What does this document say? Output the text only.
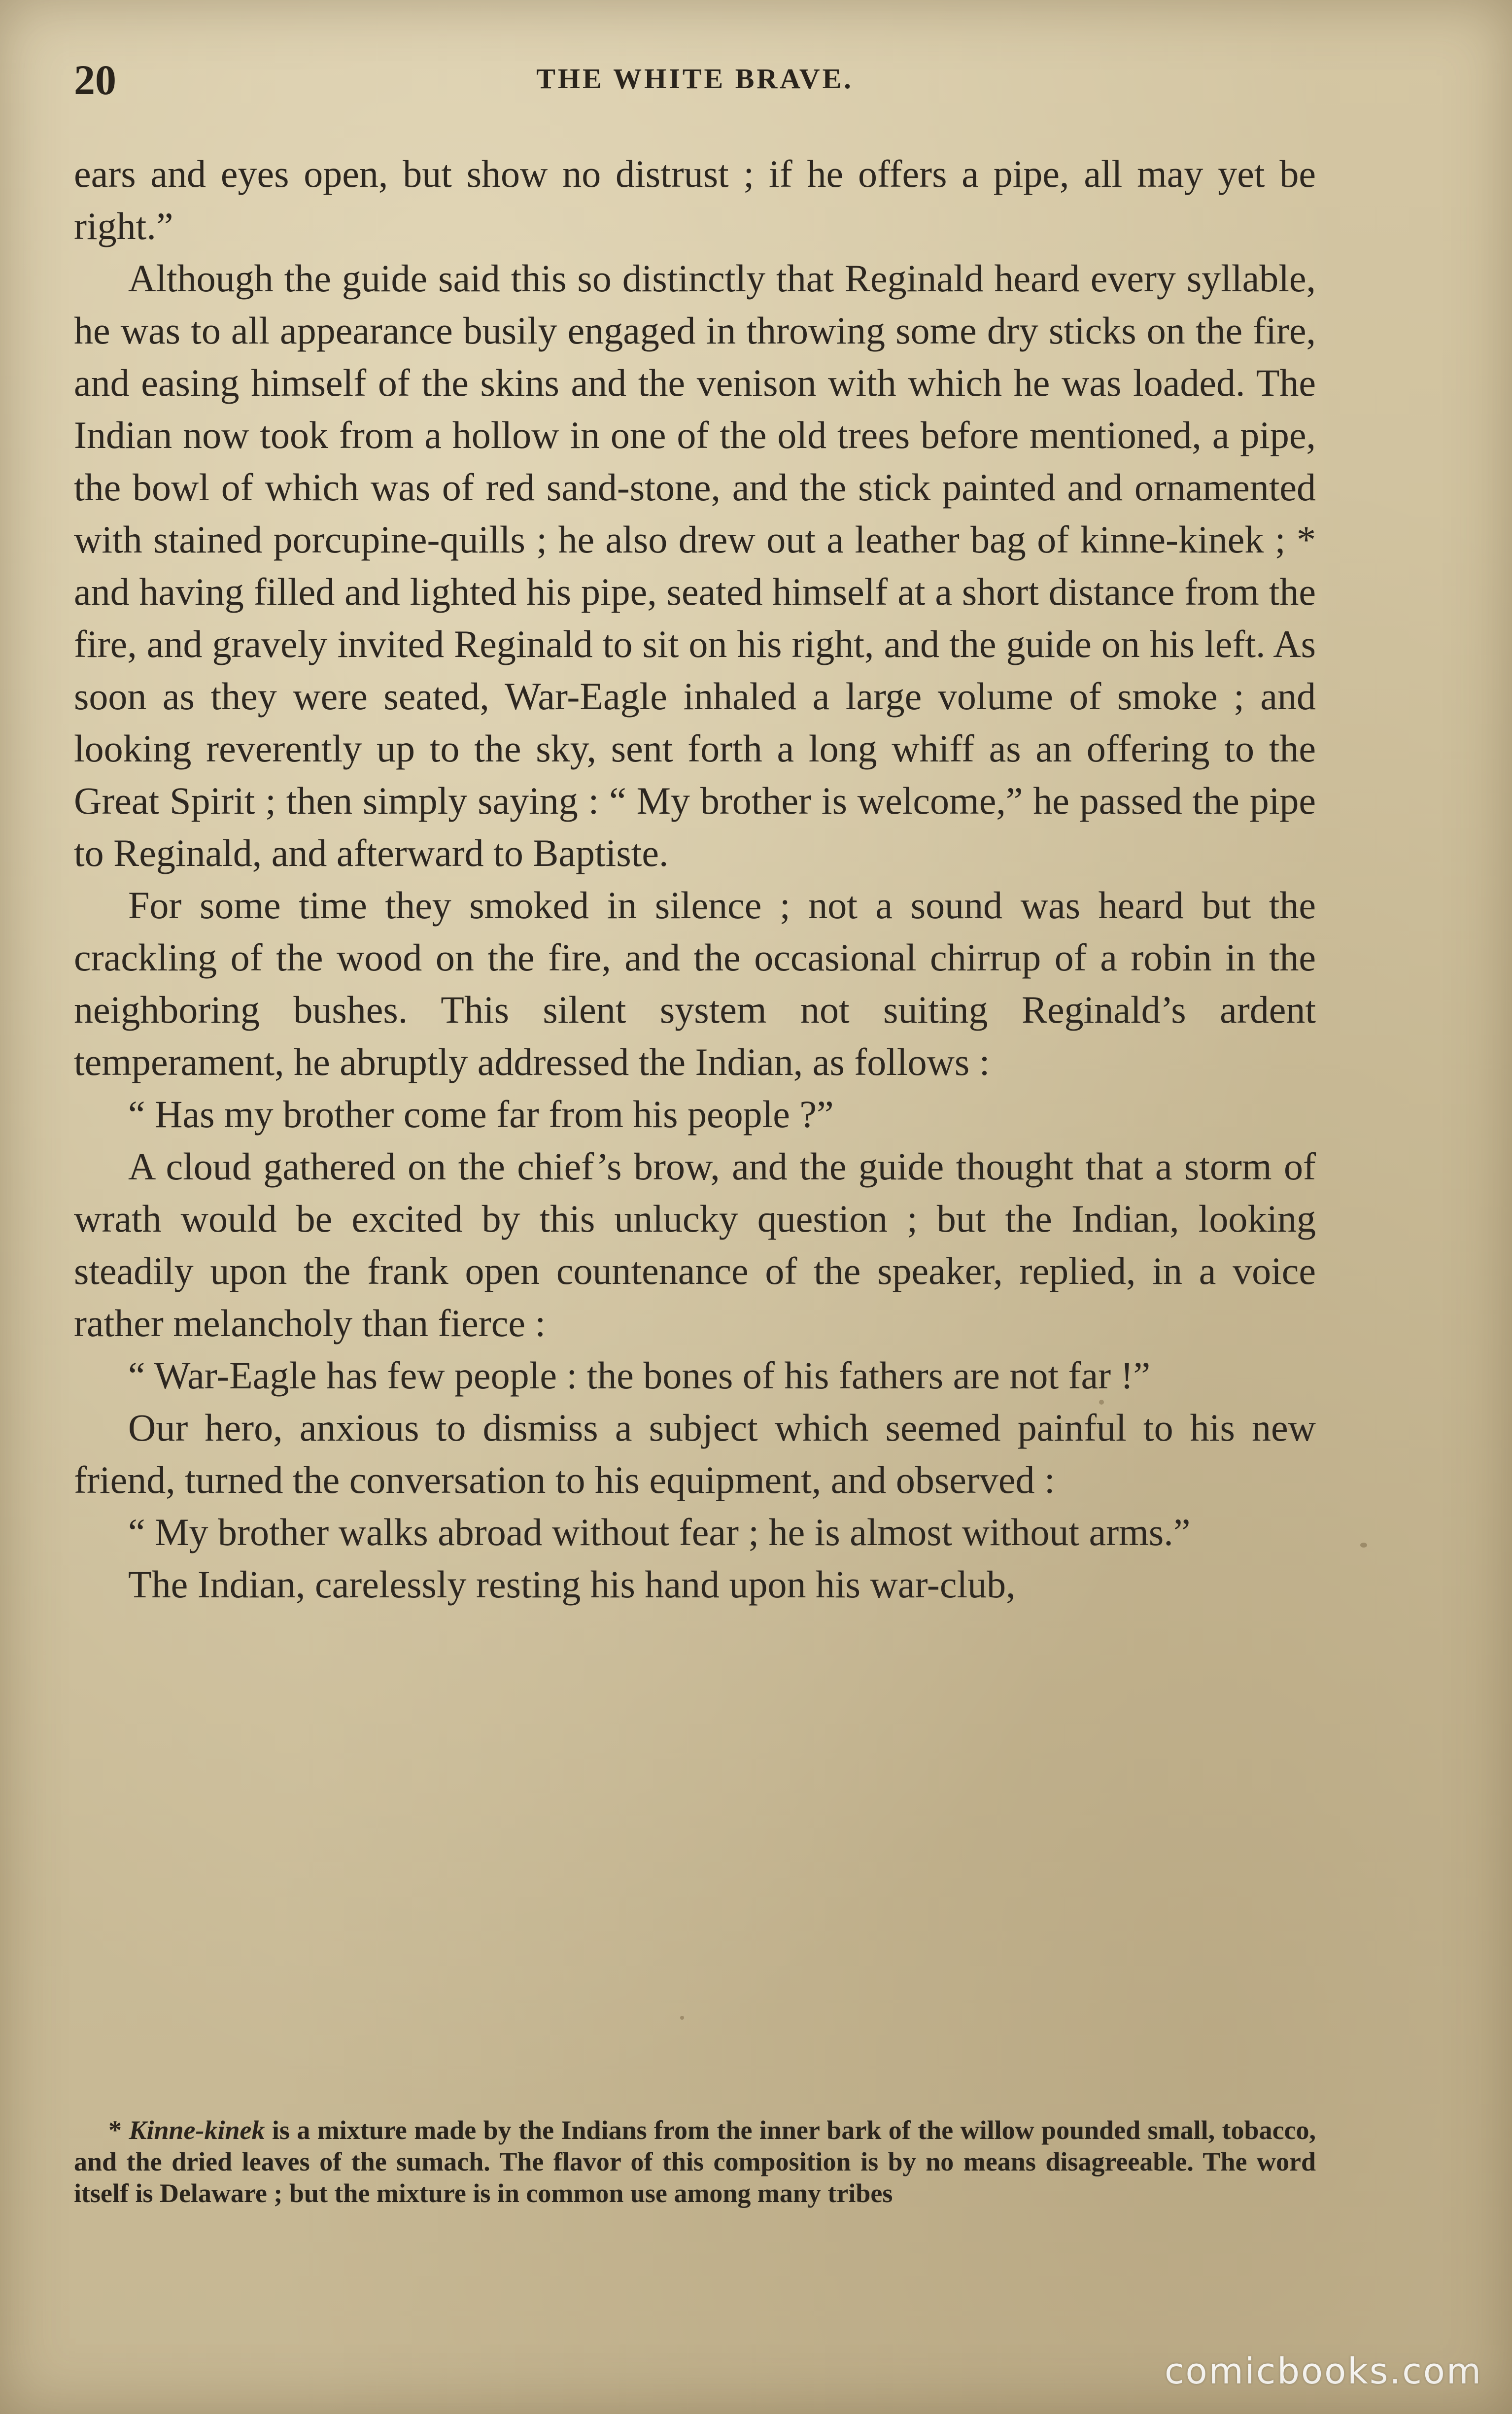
20	THE WHITE BRAVE.

ears and eyes open, but show no distrust ; if he offers a pipe, all may yet be right.”

Although the guide said this so distinctly that Reginald heard every syllable, he was to all appearance busily engaged in throwing some dry sticks on the fire, and easing himself of the skins and the venison with which he was loaded. The Indian now took from a hollow in one of the old trees before mentioned, a pipe, the bowl of which was of red sand-stone, and the stick painted and ornamented with stained porcupine-quills ; he also drew out a leather bag of kinne-kinek ; * and having filled and lighted his pipe, seated himself at a short distance from the fire, and gravely invited Reginald to sit on his right, and the guide on his left. As soon as they were seated, War-Eagle inhaled a large volume of smoke ; and looking reverently up to the sky, sent forth a long whiff as an offering to the Great Spirit ; then simply saying : “ My brother is welcome,” he passed the pipe to Reginald, and afterward to Baptiste.

For some time they smoked in silence ; not a sound was heard but the crackling of the wood on the fire, and the occasional chirrup of a robin in the neighboring bushes. This silent system not suiting Reginald’s ardent temperament, he abruptly addressed the Indian, as follows :

“ Has my brother come far from his people ?”

A cloud gathered on the chief’s brow, and the guide thought that a storm of wrath would be excited by this unlucky question ; but the Indian, looking steadily upon the frank open countenance of the speaker, replied, in a voice rather melancholy than fierce :

“ War-Eagle has few people : the bones of his fathers are not far !”

Our hero, anxious to dismiss a subject which seemed painful to his new friend, turned the conversation to his equipment, and observed :

“ My brother walks abroad without fear ; he is almost without arms.”

The Indian, carelessly resting his hand upon his war-club,

* Kinne-kinek is a mixture made by the Indians from the inner bark of the willow pounded small, tobacco, and the dried leaves of the sumach. The flavor of this composition is by no means disagreeable. The word itself is Delaware ; but the mixture is in common use among many tribes

comicbooks.com
